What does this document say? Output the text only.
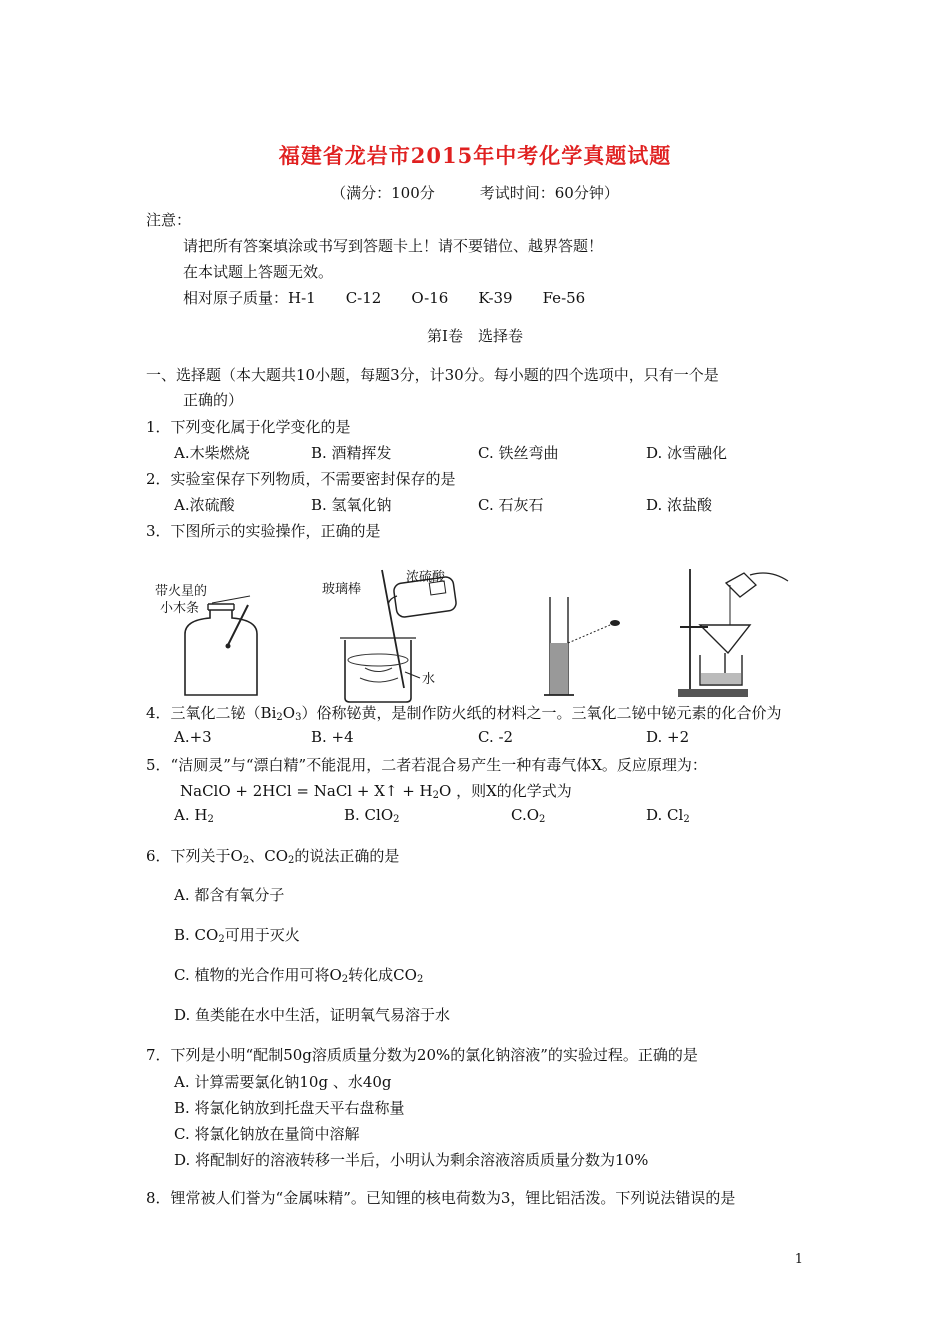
福建省龙岩市2015年中考化学真题试题
（满分：100分　　　考试时间：60分钟）
注意：
请把所有答案填涂或书写到答题卡上！请不要错位、越界答题！
在本试题上答题无效。
相对原子质量：H-1　　C-12　　O-16　　K-39　　Fe-56
第Ⅰ卷　选择卷
一、选择题（本大题共10小题，每题3分，计30分。每小题的四个选项中，只有一个是
正确的）
1．下列变化属于化学变化的是
A.木柴燃烧	B. 酒精挥发	C. 铁丝弯曲	D. 冰雪融化
2．实验室保存下列物质，不需要密封保存的是
A.浓硫酸	B. 氢氧化钠	C. 石灰石	D. 浓盐酸
3．下图所示的实验操作，正确的是
带火星的
小木条
玻璃棒
浓硫酸
水
4．三氧化二铋$(Bi_2O_3)$俗称铋黄，是制作防火纸的材料之一。三氧化二铋中铋元素的化合价为
A.+3	B. +4	C. -2	D. +2
5．“洁厕灵”与“漂白精”不能混用，二者若混合易产生一种有毒气体X。反应原理为：
NaClO + 2HCl = NaCl + X↑ + $H_2O$ ，则X的化学式为
A. $H_2$	B. ClO$_2$	$C.O_2$	D. $Cl_2$
6．下列关于$O_2$、$CO_2$的说法正确的是
A. 都含有氧分子
B. $CO_2$可用于灭火
C. 植物的光合作用可将$O_2$转化成$CO_2$
D. 鱼类能在水中生活，证明氧气易溶于水
7．下列是小明“配制50g溶质质量分数为20%的氯化钠溶液”的实验过程。正确的是
A. 计算需要氯化钠10g 、水40g
B. 将氯化钠放到托盘天平右盘称量
C. 将氯化钠放在量筒中溶解
D. 将配制好的溶液转移一半后，小明认为剩余溶液溶质质量分数为10%
8．锂常被人们誉为“金属味精”。已知锂的核电荷数为3，锂比铝活泼。下列说法错误的是
1
